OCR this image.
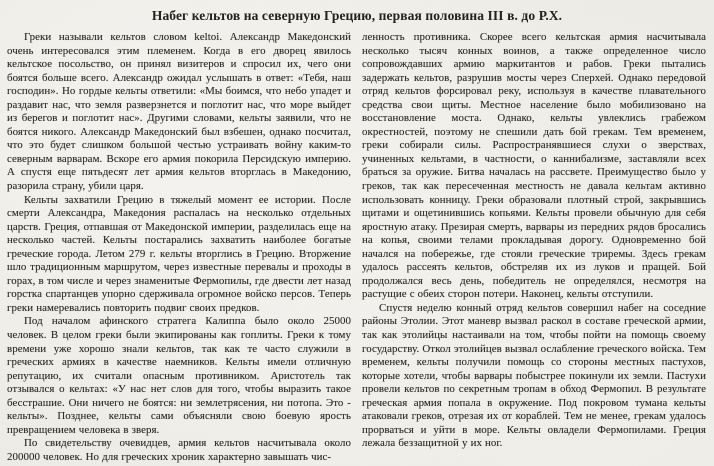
Набег кельтов на северную Грецию, первая половина III в. до Р.Х.

Греки называли кельтов словом keltoi. Александр Македонский очень интересовался этим племенем. Когда в его дворец явилось кельтское посольство, он принял визитеров и спросил их, чего они боятся больше всего. Александр ожидал услышать в ответ: «Тебя, наш господин». Но гордые кельты ответили: «Мы боимся, что небо упадет и раздавит нас, что земля разверзнется и поглотит нас, что море выйдет из берегов и поглотит нас». Другими словами, кельты заявили, что не боятся никого. Александр Македонский был взбешен, однако посчитал, что это будет слишком большой честью устраивать войну каким-то северным варварам. Вскоре его армия покорила Персидскую империю. А спустя еще пятьдесят лет армия кельтов вторглась в Македонию, разорила страну, убили царя.

Кельты захватили Грецию в тяжелый момент ее истории. После смерти Александра, Македония распалась на несколько отдельных царств. Греция, отпавшая от Македонской империи, разделилась еще на несколько частей. Кельты постарались захватить наиболее богатые греческие города. Летом 279 г. кельты вторглись в Грецию. Вторжение шло традиционным маршрутом, через известные перевалы и проходы в горах, в том числе и через знаменитые Фермопилы, где двести лет назад горстка спартанцев упорно сдерживала огромное войско персов. Теперь греки намеревались повторить подвиг своих предков.

Под началом афинского стратега Калиппа было около 25000 человек. В целом греки были экипированы как гоплиты. Греки к тому времени уже хорошо знали кельтов, так как те часто служили в греческих армиях в качестве наемников. Кельты имели отличную репутацию, их считали опасным противником. Аристотель так отзывался о кельтах: «У нас нет слов для того, чтобы выразить такое бесстрашие. Они ничего не боятся: ни землетрясения, ни потопа. Это - кельты». Позднее, кельты сами объясняли свою боевую ярость превращением человека в зверя.

По свидетельству очевидцев, армия кельтов насчитывала около 200000 человек. Но для греческих хроник характерно завышать чис-

ленность противника. Скорее всего кельтская армия насчитывала несколько тысяч конных воинов, а также определенное число сопровождавших армию маркитантов и рабов. Греки пытались задержать кельтов, разрушив мосты через Сперхей. Однако передовой отряд кельтов форсировал реку, используя в качестве плавательного средства свои щиты. Местное население было мобилизовано на восстановление моста. Однако, кельты увлеклись грабежом окрестностей, поэтому не спешили дать бой грекам. Тем временем, греки собирали силы. Распространявшиеся слухи о зверствах, учиненных кельтами, в частности, о каннибализме, заставляли всех браться за оружие. Битва началась на рассвете. Преимущество было у греков, так как пересеченная местность не давала кельтам активно использовать конницу. Греки образовали плотный строй, закрывшись щитами и ощетинившись копьями. Кельты провели обычную для себя яростную атаку. Презирая смерть, варвары из передних рядов бросались на копья, своими телами прокладывая дорогу. Одновременно бой начался на побережье, где стояли греческие триремы. Здесь грекам удалось рассеять кельтов, обстреляв их из луков и пращей. Бой продолжался весь день, победитель не определялся, несмотря на растущие с обеих сторон потери. Наконец, кельты отступили.

Спустя неделю конный отряд кельтов совершил набег на соседние районы Этолии. Этот маневр вызвал раскол в составе греческой армии, так как этолийцы настаивали на том, чтобы пойти на помощь своему государству. Откол этолийцев вызвал ослабление греческого войска. Тем временем, кельты получили помощь со стороны местных пастухов, которые хотели, чтобы варвары побыстрее покинули их земли. Пастухи провели кельтов по секретным тропам в обход Фермопил. В результате греческая армия попала в окружение. Под покровом тумана кельты атаковали греков, отрезая их от кораблей. Тем не менее, грекам удалось прорваться и уйти в море. Кельты овладели Фермопилами. Греция лежала беззащитной у их ног.
